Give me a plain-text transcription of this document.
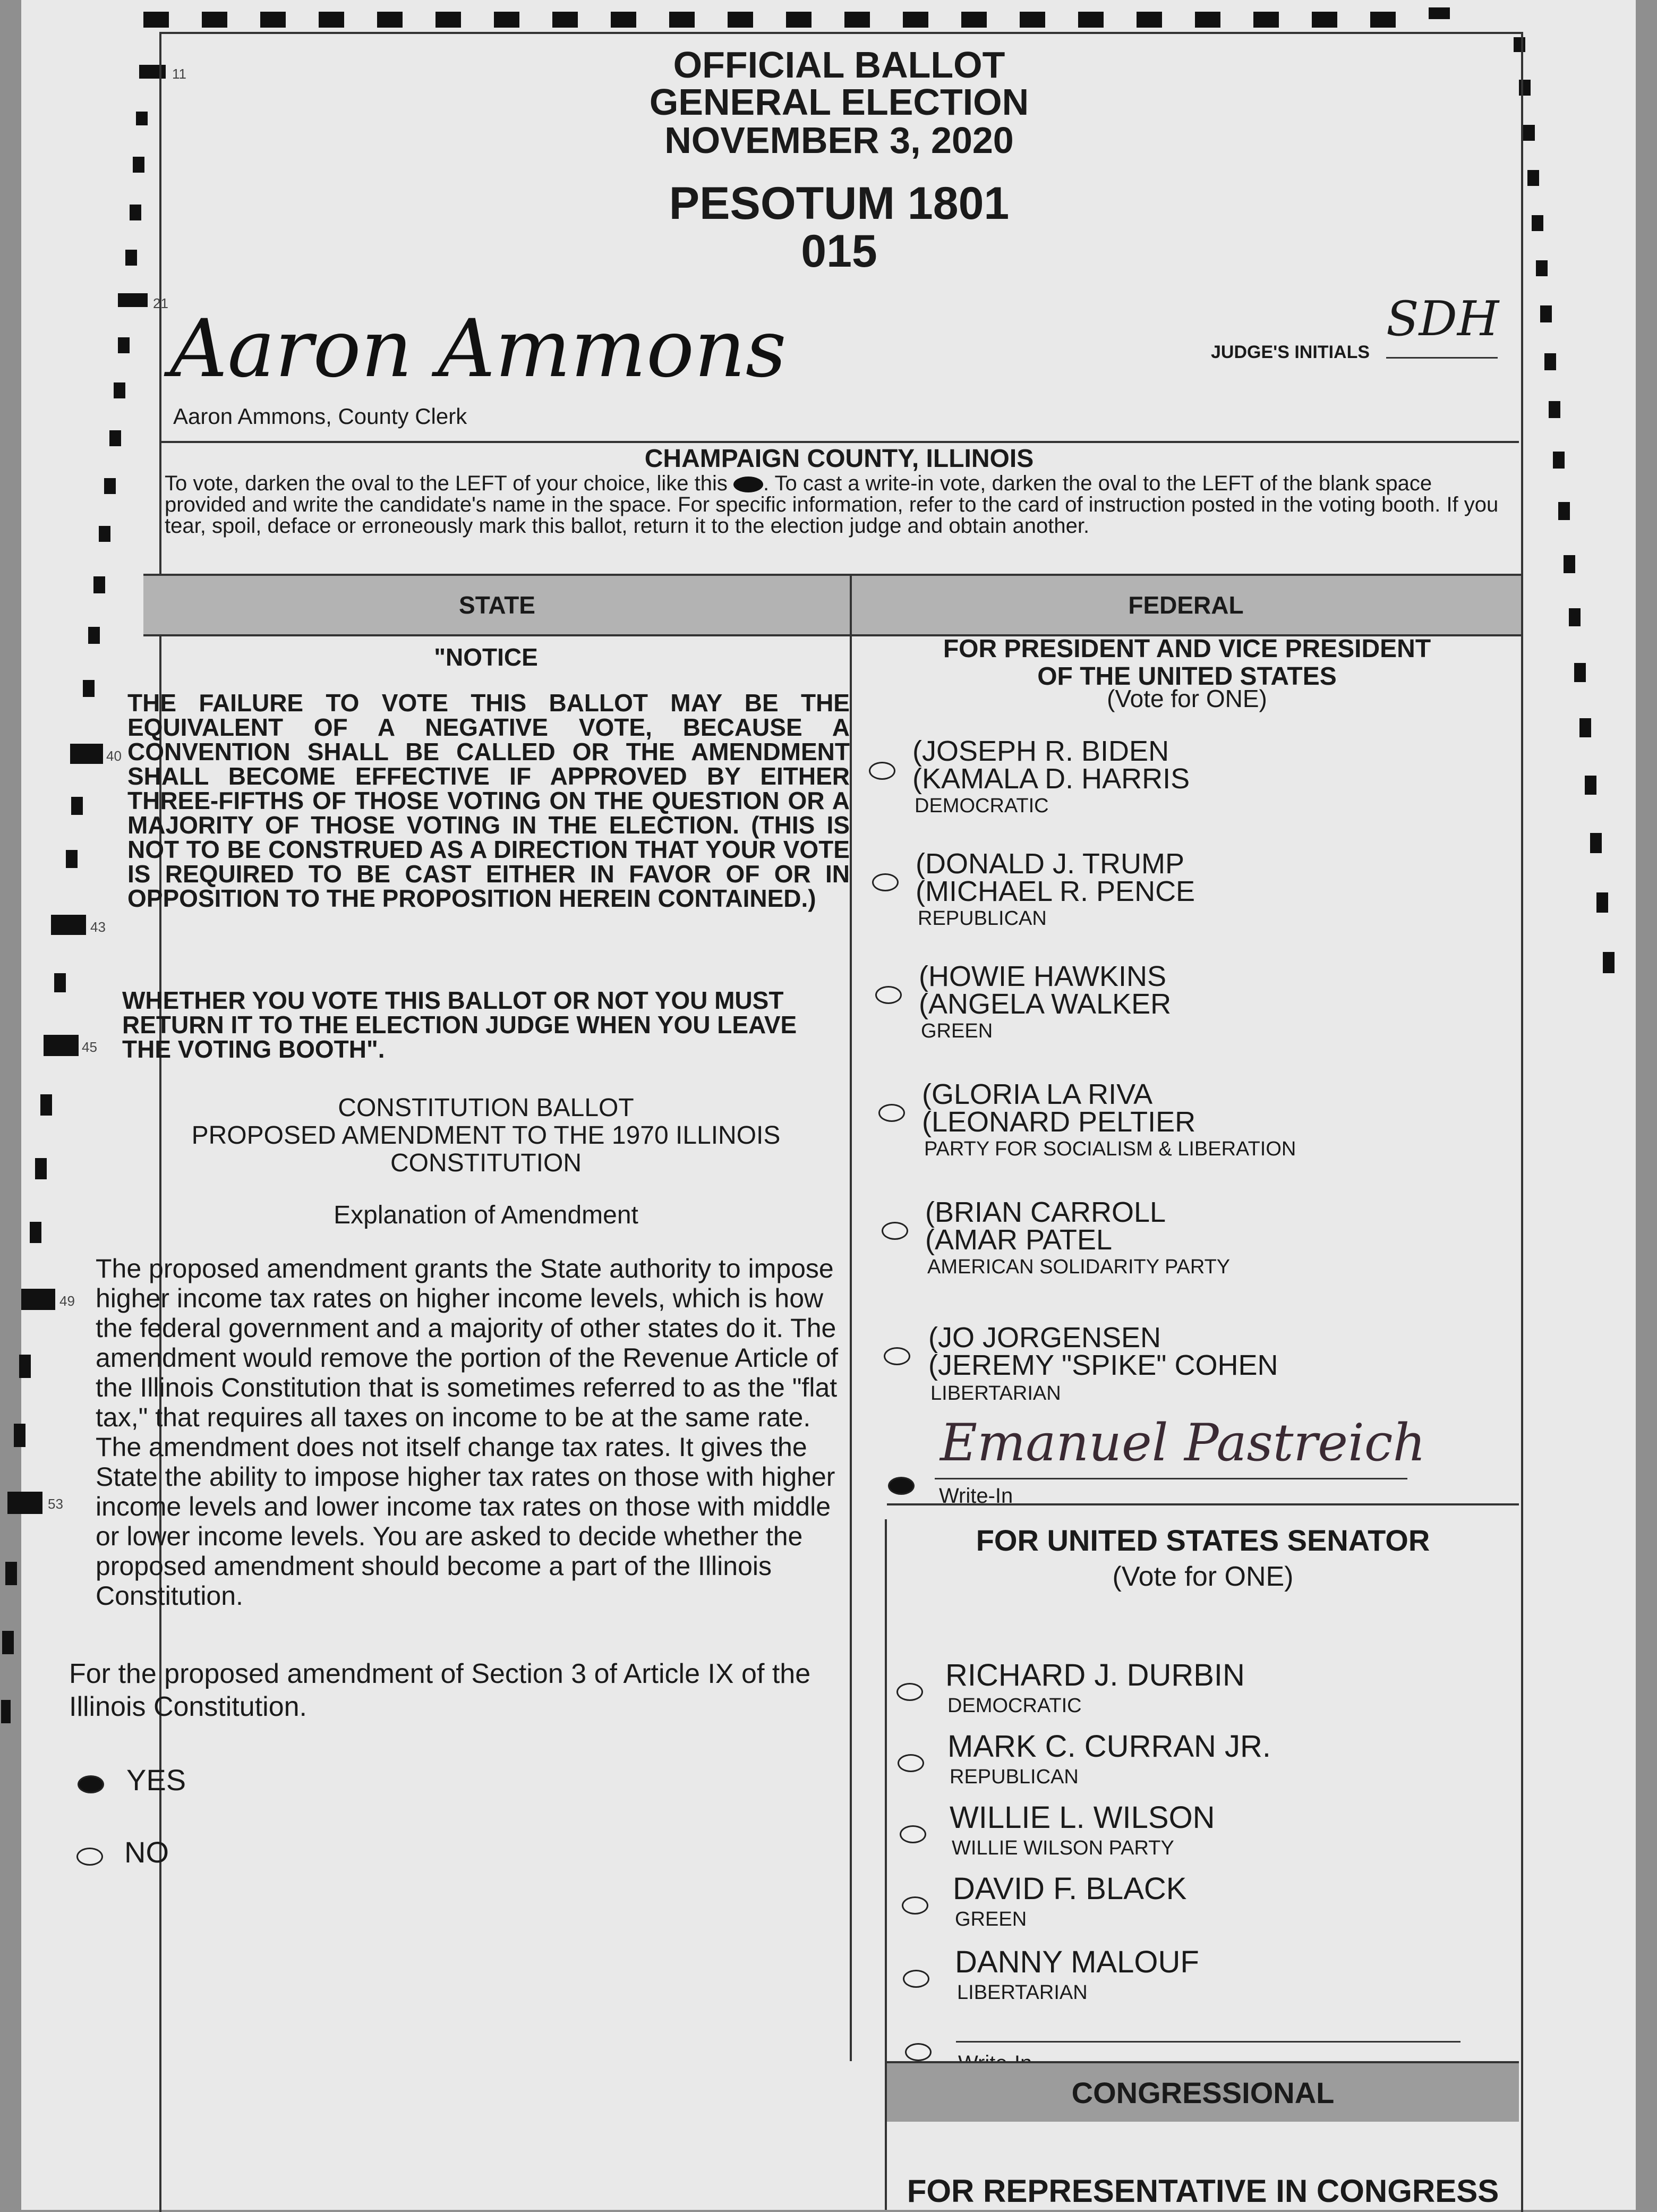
11
21
40
43
45
49
53
OFFICIAL BALLOT
GENERAL ELECTION
NOVEMBER 3, 2020
PESOTUM 1801
015
Aaron Ammons
Aaron Ammons, County Clerk
SDH
JUDGE'S INITIALS
CHAMPAIGN COUNTY, ILLINOIS
To vote, darken the oval to the LEFT of your choice, like this . To cast a write-in vote, darken the oval to the LEFT of the blank space provided and write the candidate's name in the space. For specific information, refer to the card of instruction posted in the voting booth. If you tear, spoil, deface or erroneously mark this ballot, return it to the election judge and obtain another.
STATE	FEDERAL
"NOTICE
THE FAILURE TO VOTE THIS BALLOT MAY BE THE EQUIVALENT OF A NEGATIVE VOTE, BECAUSE A CONVENTION SHALL BE CALLED OR THE AMENDMENT SHALL BECOME EFFECTIVE IF APPROVED BY EITHER THREE-FIFTHS OF THOSE VOTING ON THE QUESTION OR A MAJORITY OF THOSE VOTING IN THE ELECTION. (THIS IS NOT TO BE CONSTRUED AS A DIRECTION THAT YOUR VOTE IS REQUIRED TO BE CAST EITHER IN FAVOR OF OR IN OPPOSITION TO THE PROPOSITION HEREIN CONTAINED.)
WHETHER YOU VOTE THIS BALLOT OR NOT YOU MUST RETURN IT TO THE ELECTION JUDGE WHEN YOU LEAVE THE VOTING BOOTH".
CONSTITUTION BALLOT
PROPOSED AMENDMENT TO THE 1970 ILLINOIS
CONSTITUTION
Explanation of Amendment
The proposed amendment grants the State authority to impose higher income tax rates on higher income levels, which is how the federal government and a majority of other states do it. The amendment would remove the portion of the Revenue Article of the Illinois Constitution that is sometimes referred to as the "flat tax," that requires all taxes on income to be at the same rate. The amendment does not itself change tax rates. It gives the State the ability to impose higher tax rates on those with higher income levels and lower income tax rates on those with middle or lower income levels. You are asked to decide whether the proposed amendment should become a part of the Illinois Constitution.
For the proposed amendment of Section 3 of Article IX of the Illinois Constitution.
YES
NO
FOR PRESIDENT AND VICE PRESIDENT
OF THE UNITED STATES
(Vote for ONE)
(JOSEPH R. BIDEN
(KAMALA D. HARRIS
DEMOCRATIC
(DONALD J. TRUMP
(MICHAEL R. PENCE
REPUBLICAN
(HOWIE HAWKINS
(ANGELA WALKER
GREEN
(GLORIA LA RIVA
(LEONARD PELTIER
PARTY FOR SOCIALISM & LIBERATION
(BRIAN CARROLL
(AMAR PATEL
AMERICAN SOLIDARITY PARTY
(JO JORGENSEN
(JEREMY "SPIKE" COHEN
LIBERTARIAN
Emanuel Pastreich
Write-In
FOR UNITED STATES SENATOR
(Vote for ONE)
RICHARD J. DURBIN
DEMOCRATIC
MARK C. CURRAN JR.
REPUBLICAN
WILLIE L. WILSON
WILLIE WILSON PARTY
DAVID F. BLACK
GREEN
DANNY MALOUF
LIBERTARIAN
CONGRESSIONAL
FOR REPRESENTATIVE IN CONGRESS
